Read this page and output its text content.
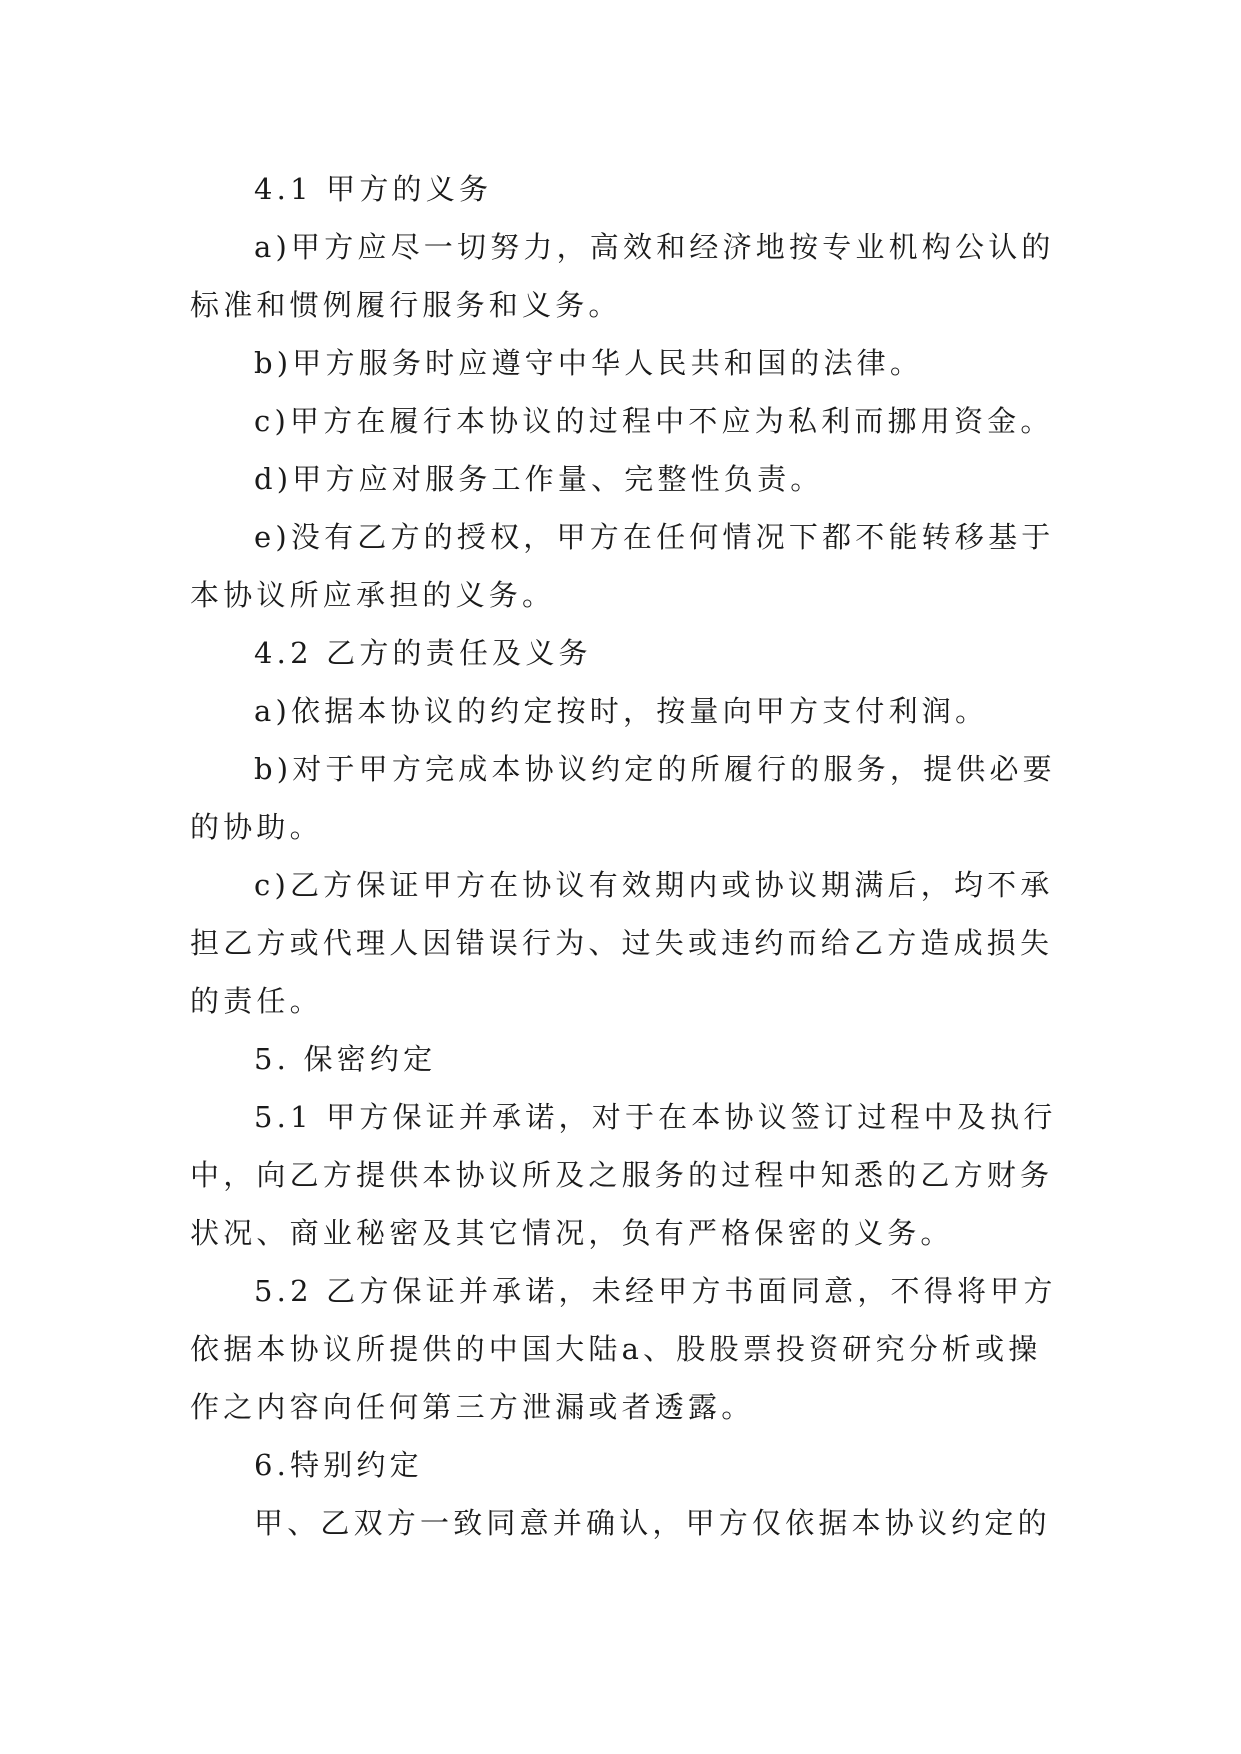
4.1 甲方的义务

a)甲方应尽一切努力，高效和经济地按专业机构公认的标准和惯例履行服务和义务。

b)甲方服务时应遵守中华人民共和国的法律。

c)甲方在履行本协议的过程中不应为私利而挪用资金。

d)甲方应对服务工作量、完整性负责。

e)没有乙方的授权，甲方在任何情况下都不能转移基于本协议所应承担的义务。

4.2 乙方的责任及义务

a)依据本协议的约定按时，按量向甲方支付利润。

b)对于甲方完成本协议约定的所履行的服务，提供必要的协助。

c)乙方保证甲方在协议有效期内或协议期满后，均不承担乙方或代理人因错误行为、过失或违约而给乙方造成损失的责任。

5. 保密约定

5.1 甲方保证并承诺，对于在本协议签订过程中及执行中，向乙方提供本协议所及之服务的过程中知悉的乙方财务状况、商业秘密及其它情况，负有严格保密的义务。

5.2 乙方保证并承诺，未经甲方书面同意，不得将甲方依据本协议所提供的中国大陆a、股股票投资研究分析或操作之内容向任何第三方泄漏或者透露。

6.特别约定

甲、乙双方一致同意并确认，甲方仅依据本协议约定的
